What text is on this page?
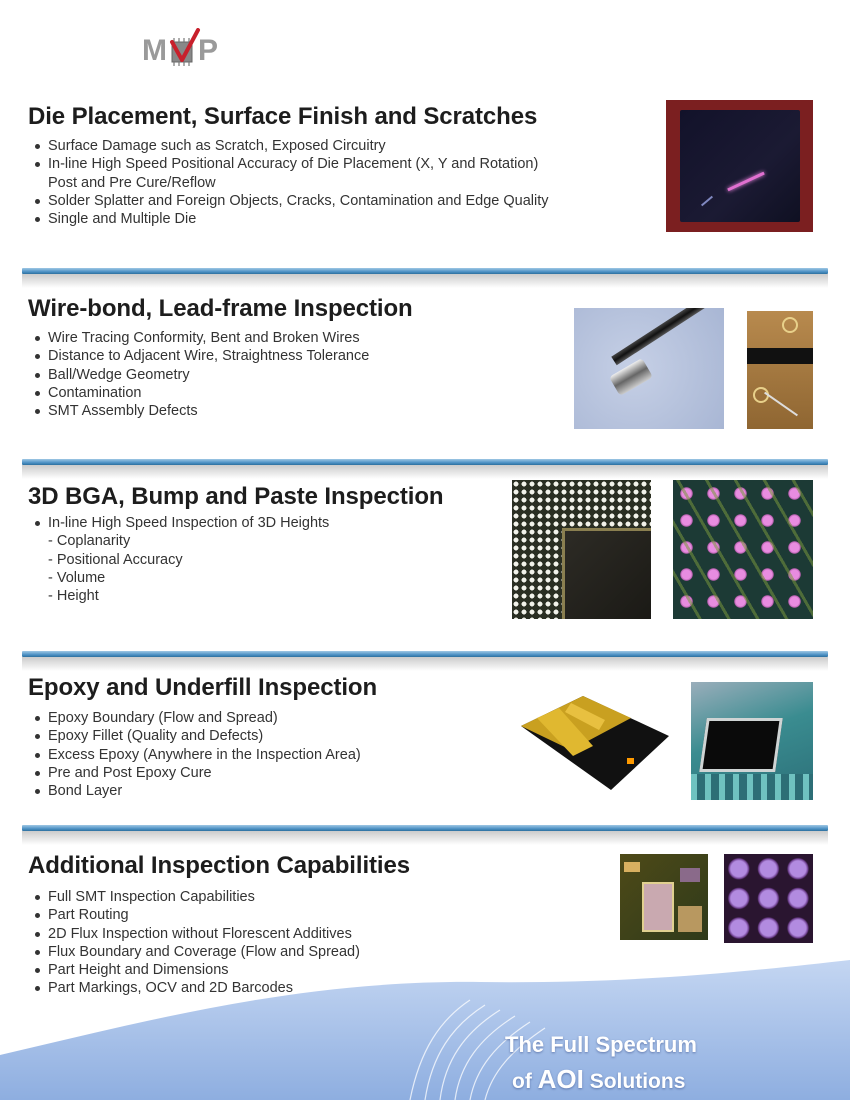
M P
Die Placement, Surface Finish and Scratches
Surface Damage such as Scratch, Exposed Circuitry
In-line High Speed Positional Accuracy of Die Placement (X, Y and Rotation)
Post and Pre Cure/Reflow
Solder Splatter and Foreign Objects, Cracks, Contamination and Edge Quality
Single and Multiple Die
Wire-bond, Lead-frame Inspection
Wire Tracing Conformity, Bent and Broken Wires
Distance to Adjacent Wire, Straightness Tolerance
Ball/Wedge Geometry
Contamination
SMT Assembly Defects
3D BGA, Bump and Paste Inspection
In-line High Speed Inspection of 3D Heights
- Coplanarity
- Positional Accuracy
- Volume
- Height
Epoxy and Underfill Inspection
Epoxy Boundary (Flow and Spread)
Epoxy Fillet (Quality and Defects)
Excess Epoxy (Anywhere in the Inspection Area)
Pre and Post Epoxy Cure
Bond Layer
Additional Inspection Capabilities
Full SMT Inspection Capabilities
Part Routing
2D Flux Inspection without Florescent Additives
Flux Boundary and Coverage (Flow and Spread)
Part Height and Dimensions
Part Markings, OCV and 2D Barcodes
The Full Spectrum
of AOI Solutions
